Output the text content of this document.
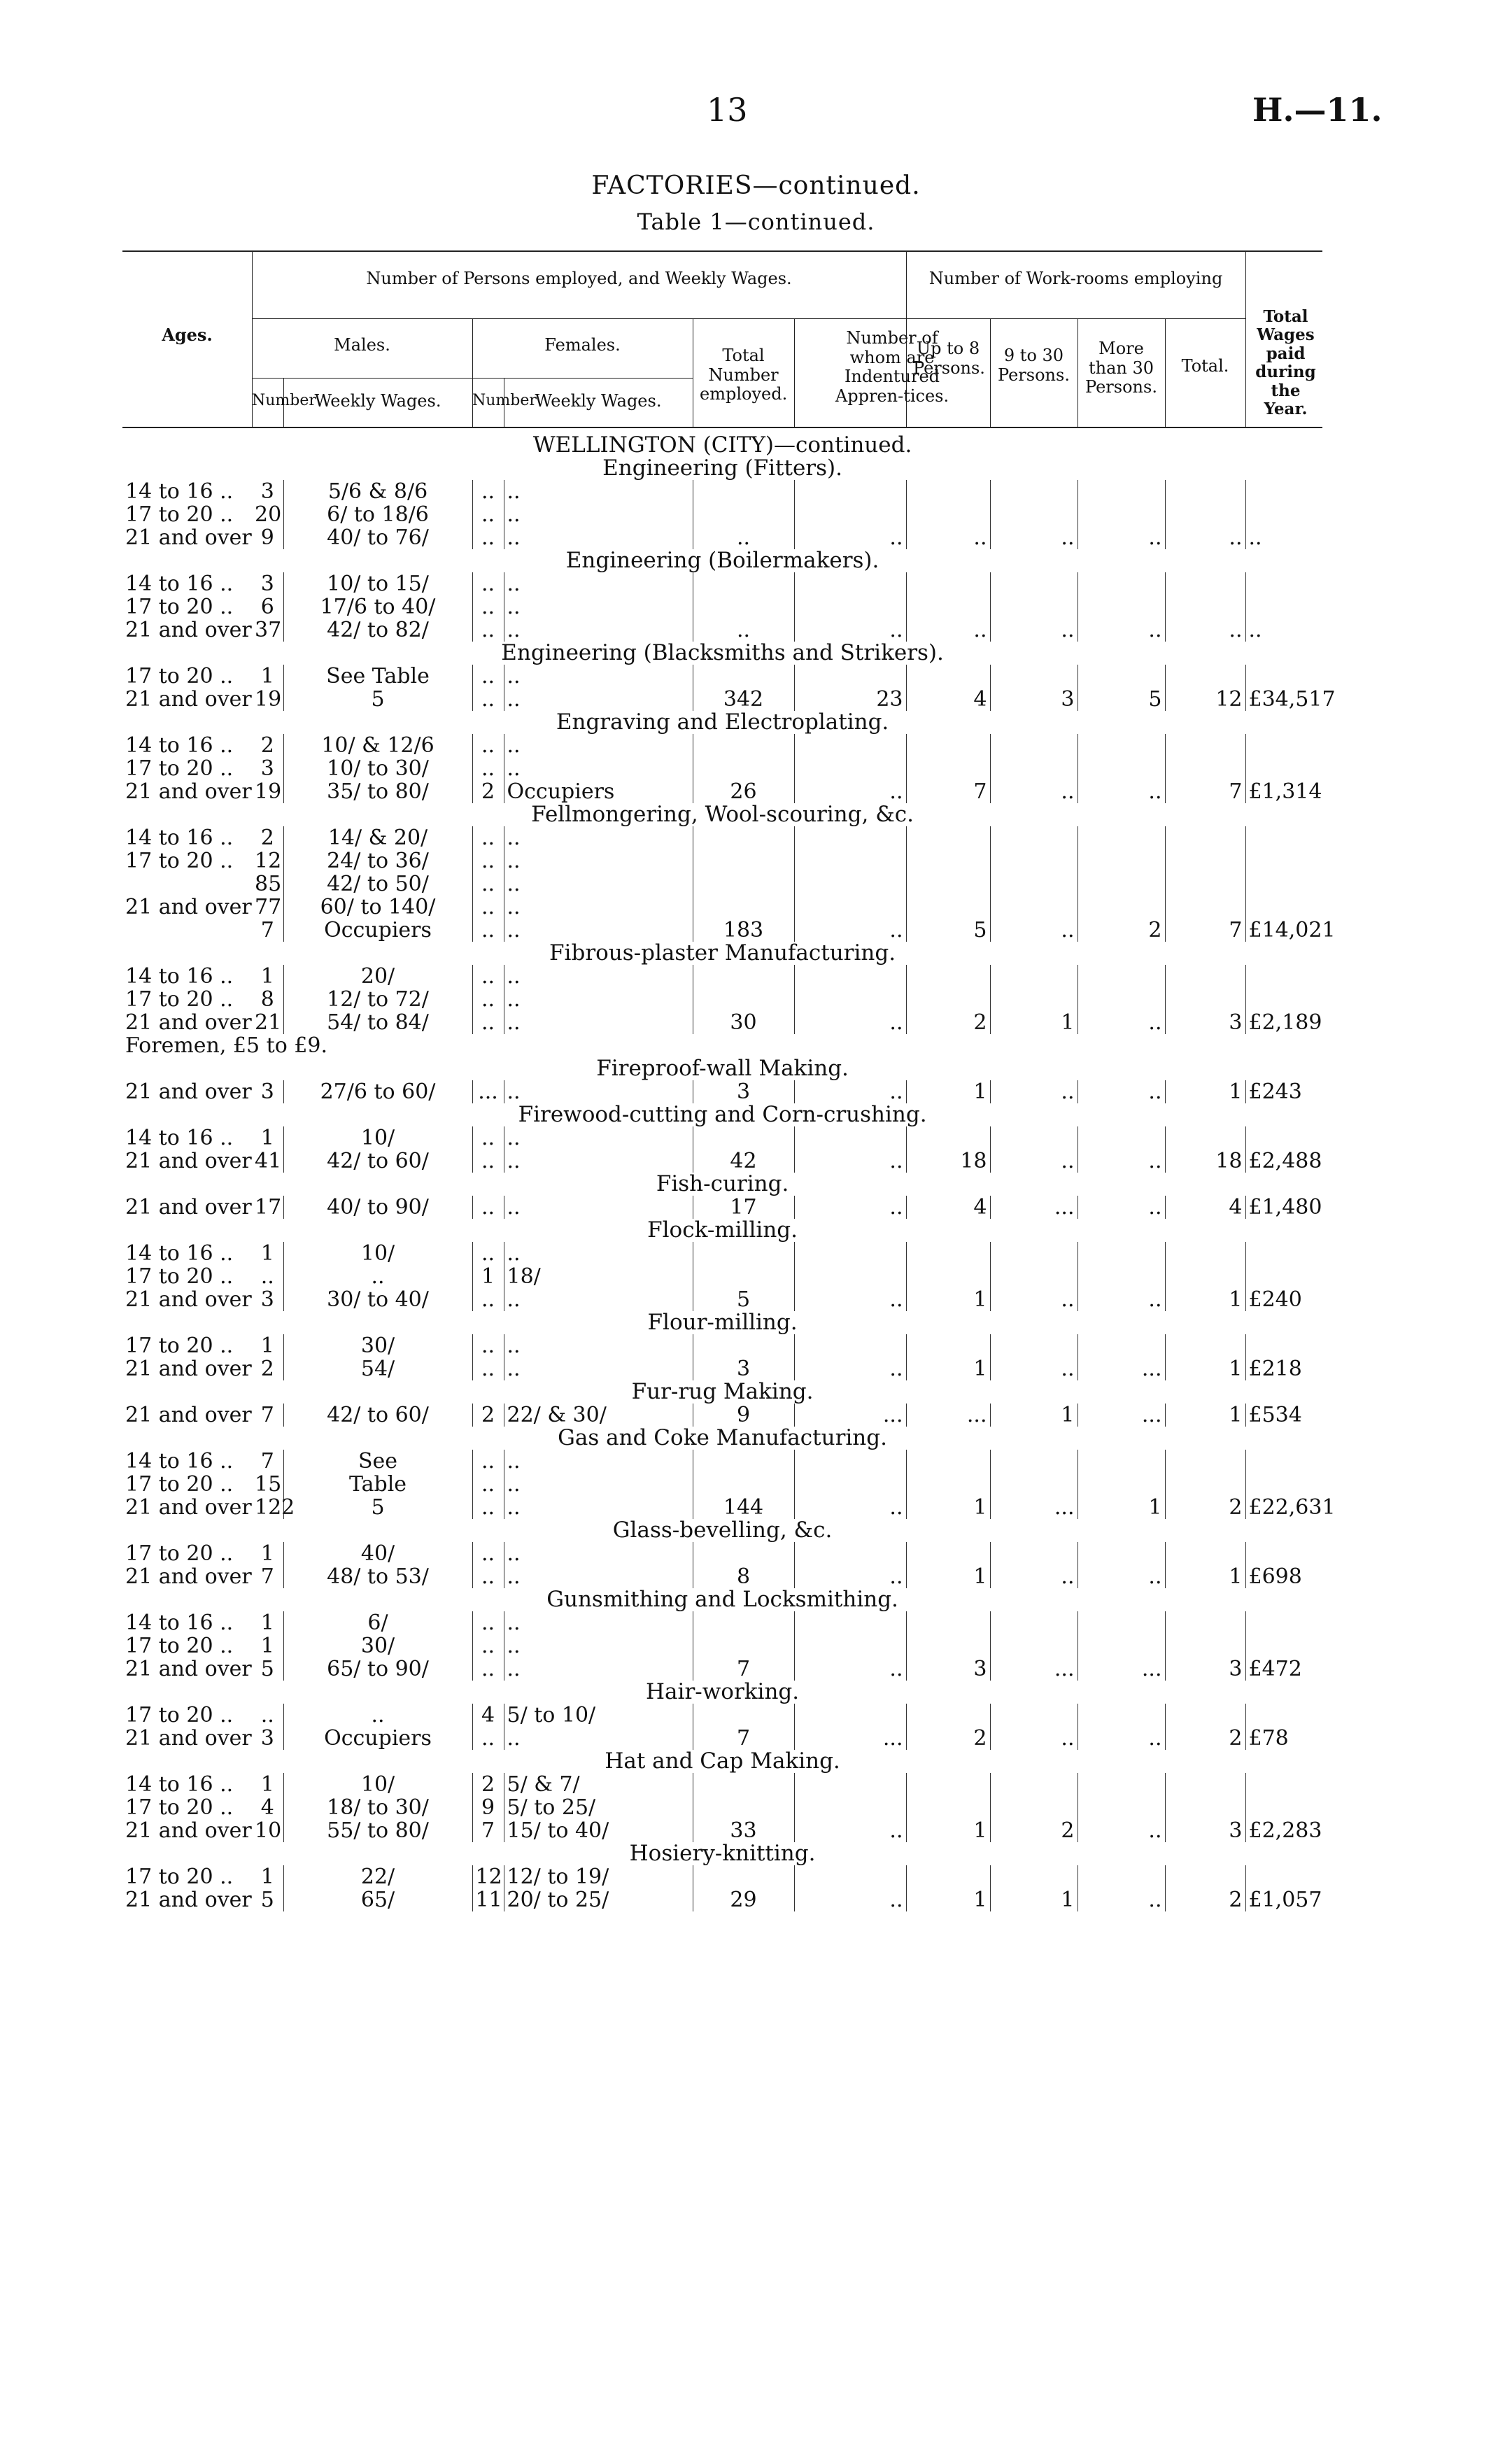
13	H.—11.
FACTORIES—continued.
Table 1—continued.
Ages.
Number of Persons employed, and Weekly Wages.
Males.	Females.
Number
Weekly Wages.	Number
Weekly Wages.
Total Number employed.
Number of whom are Indentured Appren-tices.
Number of Work-rooms employing
Up to 8 Persons.
9 to 30 Persons.
More than 30 Persons.
Total.
Total Wages paid during the Year.
WELLINGTON (CITY)—continued.											
Engineering (Fitters).											
14 to 16 ..	3	5/6 & 8/6	..	..							
17 to 20 ..	20	6/ to 18/6	..	..							
21 and over	9	40/ to 76/	..	..	..	..	..	..	..	..	..
Engineering (Boilermakers).											
14 to 16 ..	3	10/ to 15/	..	..							
17 to 20 ..	6	17/6 to 40/	..	..							
21 and over	37	42/ to 82/	..	..	..	..	..	..	..	..	..
Engineering (Blacksmiths and Strikers).											
17 to 20 ..	1	See Table	..	..							
21 and over	19	5	..	..	342	23	4	3	5	12	£34,517
Engraving and Electroplating.											
14 to 16 ..	2	10/ & 12/6	..	..							
17 to 20 ..	3	10/ to 30/	..	..							
21 and over	19	35/ to 80/	2	Occupiers	26	..	7	..	..	7	£1,314
Fellmongering, Wool-scouring, &c.											
14 to 16 ..	2	14/ & 20/	..	..							
17 to 20 ..	12	24/ to 36/	..	..							
	85	42/ to 50/	..	..							
21 and over	77	60/ to 140/	..	..							
	7	Occupiers	..	..	183	..	5	..	2	7	£14,021
Fibrous-plaster Manufacturing.											
14 to 16 ..	1	20/	..	..							
17 to 20 ..	8	12/ to 72/	..	..							
21 and over	21	54/ to 84/	..	..	30	..	2	1	..	3	£2,189
Foremen, £5 to £9.											
Fireproof-wall Making.											
21 and over	3	27/6 to 60/	...	..	3	..	1	..	..	1	£243
Firewood-cutting and Corn-crushing.											
14 to 16 ..	1	10/	..	..							
21 and over	41	42/ to 60/	..	..	42	..	18	..	..	18	£2,488
Fish-curing.											
21 and over	17	40/ to 90/	..	..	17	..	4	...	..	4	£1,480
Flock-milling.											
14 to 16 ..	1	10/	..	..							
17 to 20 ..	..	..	1	18/							
21 and over	3	30/ to 40/	..	..	5	..	1	..	..	1	£240
Flour-milling.											
17 to 20 ..	1	30/	..	..							
21 and over	2	54/	..	..	3	..	1	..	...	1	£218
Fur-rug Making.											
21 and over	7	42/ to 60/	2	22/ & 30/	9	...	...	1	...	1	£534
Gas and Coke Manufacturing.											
14 to 16 ..	7	See	..	..							
17 to 20 ..	15	Table	..	..							
21 and over	122	5	..	..	144	..	1	...	1	2	£22,631
Glass-bevelling, &c.											
17 to 20 ..	1	40/	..	..							
21 and over	7	48/ to 53/	..	..	8	..	1	..	..	1	£698
Gunsmithing and Locksmithing.											
14 to 16 ..	1	6/	..	..							
17 to 20 ..	1	30/	..	..							
21 and over	5	65/ to 90/	..	..	7	..	3	...	...	3	£472
Hair-working.											
17 to 20 ..	..	..	4	5/ to 10/							
21 and over	3	Occupiers	..	..	7	...	2	..	..	2	£78
Hat and Cap Making.											
14 to 16 ..	1	10/	2	5/ & 7/							
17 to 20 ..	4	18/ to 30/	9	5/ to 25/							
21 and over	10	55/ to 80/	7	15/ to 40/	33	..	1	2	..	3	£2,283
Hosiery-knitting.											
17 to 20 ..	1	22/	12	12/ to 19/							
21 and over	5	65/	11	20/ to 25/	29	..	1	1	..	2	£1,057
